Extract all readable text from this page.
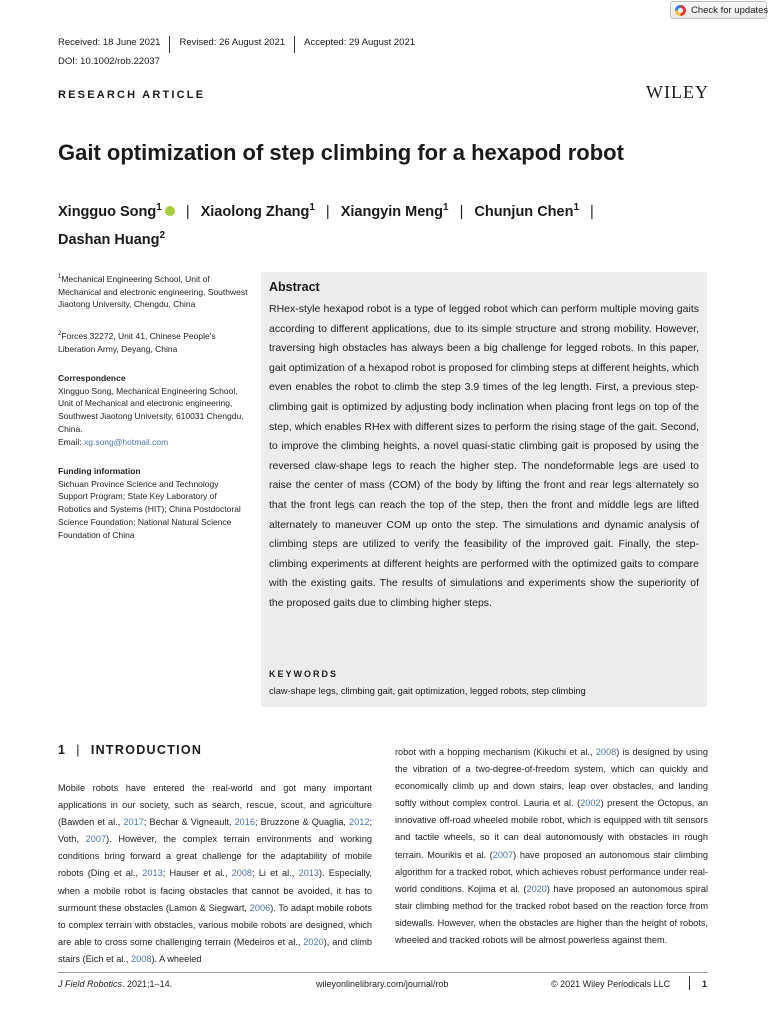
Check for updates
Received: 18 June 2021	Revised: 26 August 2021	Accepted: 29 August 2021
DOI: 10.1002/rob.22037
RESEARCH ARTICLE	WILEY
Gait optimization of step climbing for a hexapod robot
Xingguo Song$^1$ | Xiaolong Zhang$^1$ | Xiangyin Meng$^1$ | Chunjun Chen$^1$ |
Dashan Huang$^2$
$^1$Mechanical Engineering School, Unit of Mechanical and electronic engineering, Southwest Jiaotong University, Chengdu, China
$^2$Forces 32272, Unit 41, Chinese People's Liberation Army, Deyang, China
Correspondence
Xingguo Song, Mechanical Engineering School, Unit of Mechanical and electronic engineering, Southwest Jiaotong University, 610031 Chengdu, China.
Email: xg.song@hotmail.com
Funding information
Sichuan Province Science and Technology Support Program; State Key Laboratory of Robotics and Systems (HIT); China Postdoctoral Science Foundation; National Natural Science Foundation of China
Abstract
RHex‐style hexapod robot is a type of legged robot which can perform multiple moving gaits according to different applications, due to its simple structure and strong mobility. However, traversing high obstacles has always been a big challenge for legged robots. In this paper, gait optimization of a hexapod robot is proposed for climbing steps at different heights, which even enables the robot to climb the step 3.9 times of the leg length. First, a previous step‐climbing gait is optimized by adjusting body inclination when placing front legs on top of the step, which enables RHex with different sizes to perform the rising stage of the gait. Second, to improve the climbing heights, a novel quasi‐static climbing gait is proposed by using the reversed claw‐shape legs to reach the higher step. The nondeformable legs are used to raise the center of mass (COM) of the body by lifting the front and rear legs alternately so that the front legs can reach the top of the step, then the front and middle legs are lifted alternately to maneuver COM up onto the step. The simulations and dynamic analysis of climbing steps are utilized to verify the feasibility of the improved gait. Finally, the step‐climbing experiments at different heights are performed with the optimized gaits to compare with the existing gaits. The results of simulations and experiments show the superiority of the proposed gaits due to climbing higher steps.
KEYWORDS
claw‐shape legs, climbing gait, gait optimization, legged robots, step climbing
1 | INTRODUCTION
Mobile robots have entered the real‐world and got many important applications in our society, such as search, rescue, scout, and agriculture (Bawden et al., 2017; Bechar & Vigneault, 2016; Bruzzone & Quaglia, 2012; Voth, 2007). However, the complex terrain environments and working conditions bring forward a great challenge for the adaptability of mobile robots (Ding et al., 2013; Hauser et al., 2008; Li et al., 2013). Especially, when a mobile robot is facing obstacles that cannot be avoided, it has to surmount these obstacles (Lamon & Siegwart, 2006). To adapt mobile robots to complex terrain with obstacles, various mobile robots are designed, which are able to cross some challenging terrain (Medeiros et al., 2020), and climb stairs (Eich et al., 2008). A wheeled
robot with a hopping mechanism (Kikuchi et al., 2008) is designed by using the vibration of a two‐degree‐of‐freedom system, which can quickly and economically climb up and down stairs, leap over obstacles, and landing softly without complex control. Lauria et al. (2002) present the Octopus, an innovative off‐road wheeled mobile robot, which is equipped with tilt sensors and tactile wheels, so it can deal autonomously with obstacles in rough terrain. Mourikis et al. (2007) have proposed an autonomous stair climbing algorithm for a tracked robot, which achieves robust performance under real‐world conditions. Kojima et al. (2020) have proposed an autonomous spiral stair climbing method for the tracked robot based on the reaction force from sidewalls. However, when the obstacles are higher than the height of robots, wheeled and tracked robots will be almost powerless against them.
J Field Robotics. 2021;1–14.	wileyonlinelibrary.com/journal/rob	© 2021 Wiley Periodicals LLC	1
